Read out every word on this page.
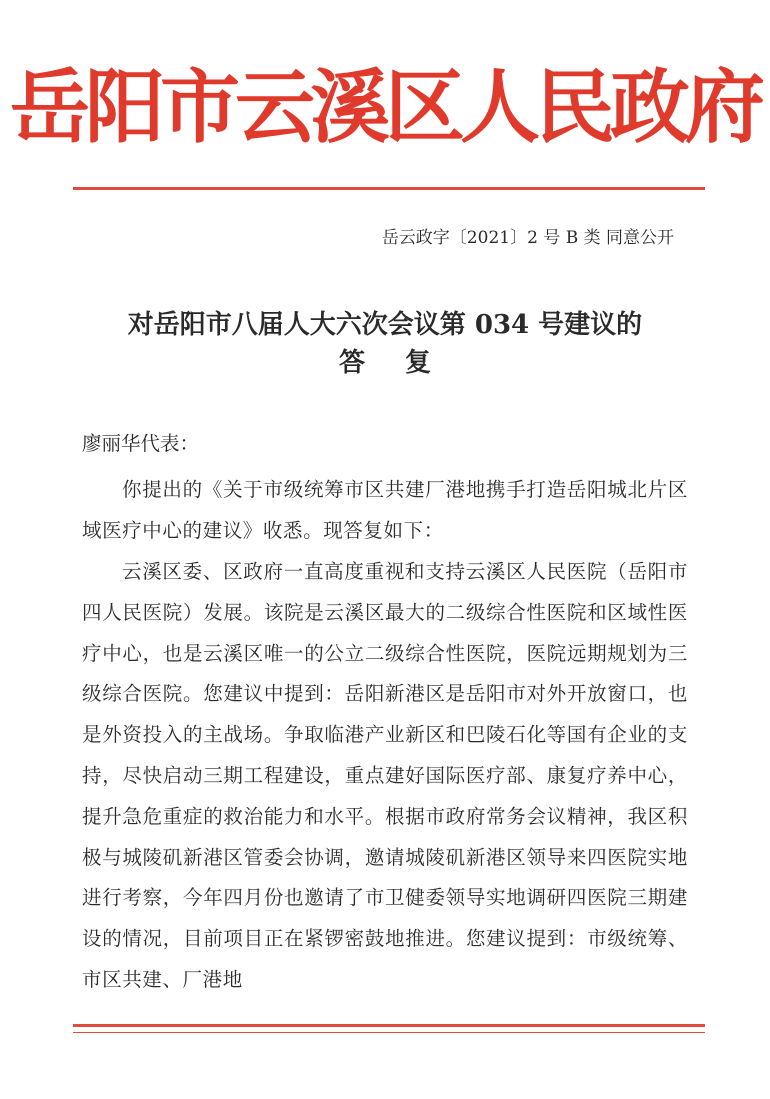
岳阳市云溪区人民政府
岳云政字〔2021〕2 号 B 类 同意公开
对岳阳市八届人大六次会议第 034 号建议的
答复
廖丽华代表：
你提出的《关于市级统筹市区共建厂港地携手打造岳阳城北片区域医疗中心的建议》收悉。现答复如下：
云溪区委、区政府一直高度重视和支持云溪区人民医院（岳阳市四人民医院）发展。该院是云溪区最大的二级综合性医院和区域性医疗中心，也是云溪区唯一的公立二级综合性医院，医院远期规划为三级综合医院。您建议中提到：岳阳新港区是岳阳市对外开放窗口，也是外资投入的主战场。争取临港产业新区和巴陵石化等国有企业的支持，尽快启动三期工程建设，重点建好国际医疗部、康复疗养中心，提升急危重症的救治能力和水平。根据市政府常务会议精神，我区积极与城陵矶新港区管委会协调，邀请城陵矶新港区领导来四医院实地进行考察，今年四月份也邀请了市卫健委领导实地调研四医院三期建设的情况，目前项目正在紧锣密鼓地推进。您建议提到：市级统筹、市区共建、厂港地
